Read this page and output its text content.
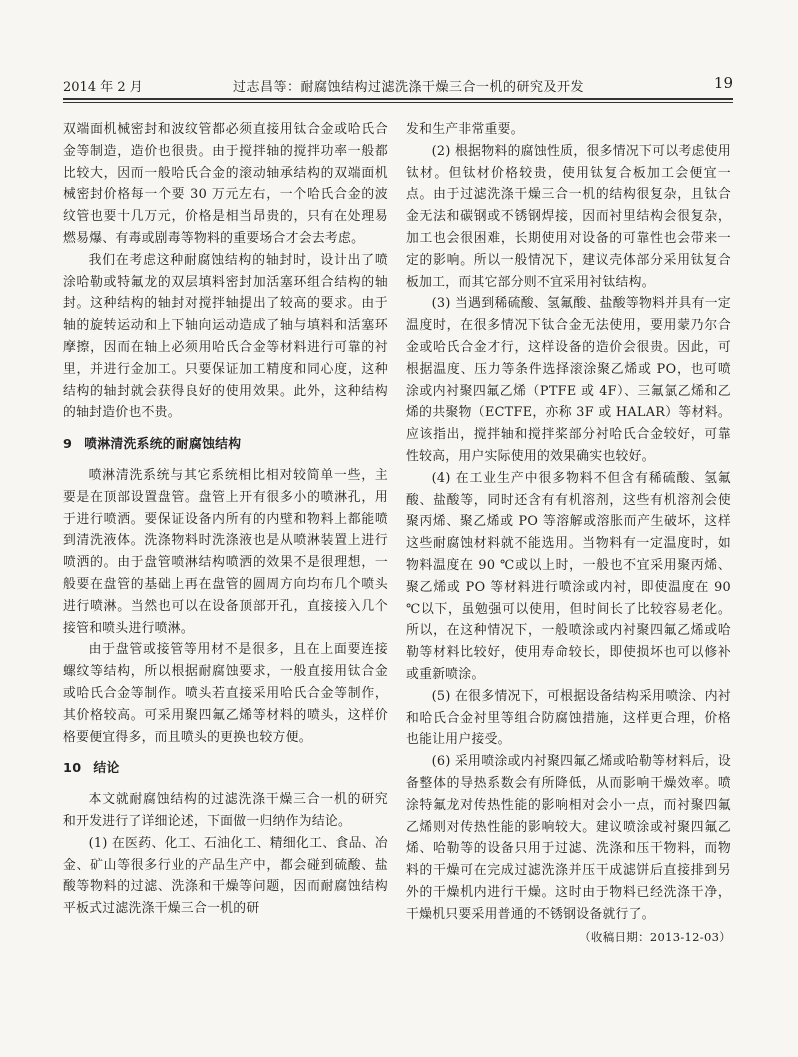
2014 年 2 月	过志昌等：耐腐蚀结构过滤洗涤干燥三合一机的研究及开发	19

双端面机械密封和波纹管都必须直接用钛合金或哈氏合金等制造，造价也很贵。由于搅拌轴的搅拌功率一般都比较大，因而一般哈氏合金的滚动轴承结构的双端面机械密封价格每一个要 30 万元左右，一个哈氏合金的波纹管也要十几万元，价格是相当昂贵的，只有在处理易燃易爆、有毒或剧毒等物料的重要场合才会去考虑。

我们在考虑这种耐腐蚀结构的轴封时，设计出了喷涂哈勒或特氟龙的双层填料密封加活塞环组合结构的轴封。这种结构的轴封对搅拌轴提出了较高的要求。由于轴的旋转运动和上下轴向运动造成了轴与填料和活塞环摩擦，因而在轴上必须用哈氏合金等材料进行可靠的衬里，并进行金加工。只要保证加工精度和同心度，这种结构的轴封就会获得良好的使用效果。此外，这种结构的轴封造价也不贵。

9 喷淋清洗系统的耐腐蚀结构

喷淋清洗系统与其它系统相比相对较简单一些，主要是在顶部设置盘管。盘管上开有很多小的喷淋孔，用于进行喷洒。要保证设备内所有的内壁和物料上都能喷到清洗液体。洗涤物料时洗涤液也是从喷淋装置上进行喷洒的。由于盘管喷淋结构喷洒的效果不是很理想，一般要在盘管的基础上再在盘管的圆周方向均布几个喷头进行喷淋。当然也可以在设备顶部开孔，直接接入几个接管和喷头进行喷淋。

由于盘管或接管等用材不是很多，且在上面要连接螺纹等结构，所以根据耐腐蚀要求，一般直接用钛合金或哈氏合金等制作。喷头若直接采用哈氏合金等制作，其价格较高。可采用聚四氟乙烯等材料的喷头，这样价格要便宜得多，而且喷头的更换也较方便。

10 结论

本文就耐腐蚀结构的过滤洗涤干燥三合一机的研究和开发进行了详细论述，下面做一归纳作为结论。

(1) 在医药、化工、石油化工、精细化工、食品、冶金、矿山等很多行业的产品生产中，都会碰到硫酸、盐酸等物料的过滤、洗涤和干燥等问题，因而耐腐蚀结构平板式过滤洗涤干燥三合一机的研

发和生产非常重要。

(2) 根据物料的腐蚀性质，很多情况下可以考虑使用钛材。但钛材价格较贵，使用钛复合板加工会便宜一点。由于过滤洗涤干燥三合一机的结构很复杂，且钛合金无法和碳钢或不锈钢焊接，因而衬里结构会很复杂，加工也会很困难，长期使用对设备的可靠性也会带来一定的影响。所以一般情况下，建议壳体部分采用钛复合板加工，而其它部分则不宜采用衬钛结构。

(3) 当遇到稀硫酸、氢氟酸、盐酸等物料并具有一定温度时，在很多情况下钛合金无法使用，要用蒙乃尔合金或哈氏合金才行，这样设备的造价会很贵。因此，可根据温度、压力等条件选择滚涂聚乙烯或 PO，也可喷涂或内衬聚四氟乙烯（PTFE 或 4F）、三氟氯乙烯和乙烯的共聚物（ECTFE，亦称 3F 或 HALAR）等材料。应该指出，搅拌轴和搅拌桨部分衬哈氏合金较好，可靠性较高，用户实际使用的效果确实也较好。

(4) 在工业生产中很多物料不但含有稀硫酸、氢氟酸、盐酸等，同时还含有有机溶剂，这些有机溶剂会使聚丙烯、聚乙烯或 PO 等溶解或溶胀而产生破坏，这样这些耐腐蚀材料就不能选用。当物料有一定温度时，如物料温度在 90 ℃或以上时，一般也不宜采用聚丙烯、聚乙烯或 PO 等材料进行喷涂或内衬，即使温度在 90 ℃以下，虽勉强可以使用，但时间长了比较容易老化。所以，在这种情况下，一般喷涂或内衬聚四氟乙烯或哈勒等材料比较好，使用寿命较长，即使损坏也可以修补或重新喷涂。

(5) 在很多情况下，可根据设备结构采用喷涂、内衬和哈氏合金衬里等组合防腐蚀措施，这样更合理，价格也能让用户接受。

(6) 采用喷涂或内衬聚四氟乙烯或哈勒等材料后，设备整体的导热系数会有所降低，从而影响干燥效率。喷涂特氟龙对传热性能的影响相对会小一点，而衬聚四氟乙烯则对传热性能的影响较大。建议喷涂或衬聚四氟乙烯、哈勒等的设备只用于过滤、洗涤和压干物料，而物料的干燥可在完成过滤洗涤并压干成滤饼后直接排到另外的干燥机内进行干燥。这时由于物料已经洗涤干净，干燥机只要采用普通的不锈钢设备就行了。

（收稿日期：2013-12-03）
